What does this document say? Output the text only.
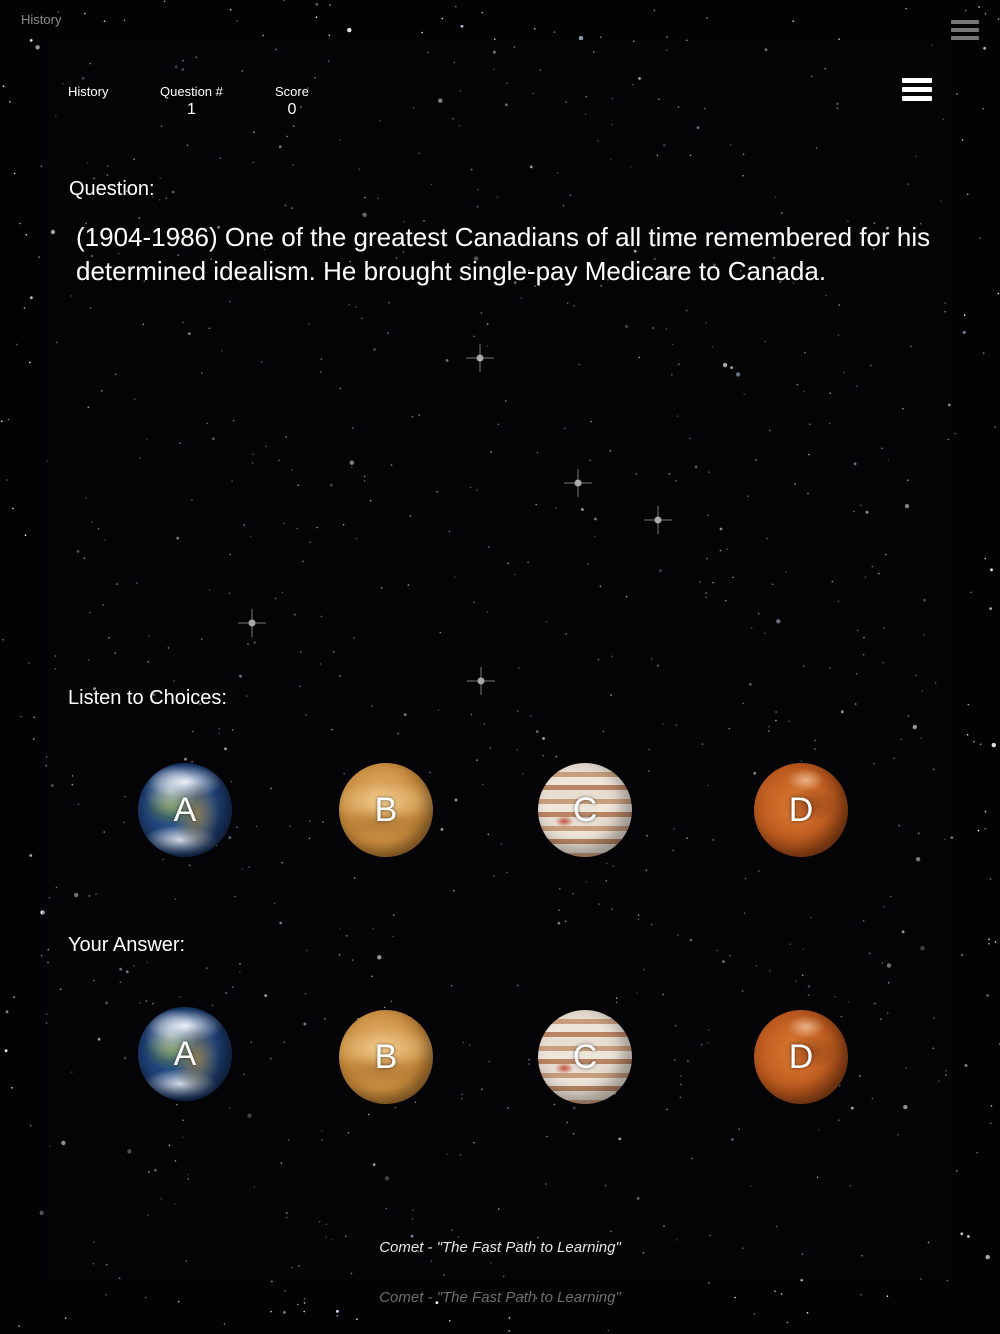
History
History	Question #
1
Score
0
Question:
(1904-1986) One of the greatest Canadians of all time remembered for his determined idealism. He brought single-pay Medicare to Canada.
Listen to Choices:
A	B	C	D
Your Answer:
A	B	C	D
Comet - "The Fast Path to Learning"
Comet - "The Fast Path to Learning"
